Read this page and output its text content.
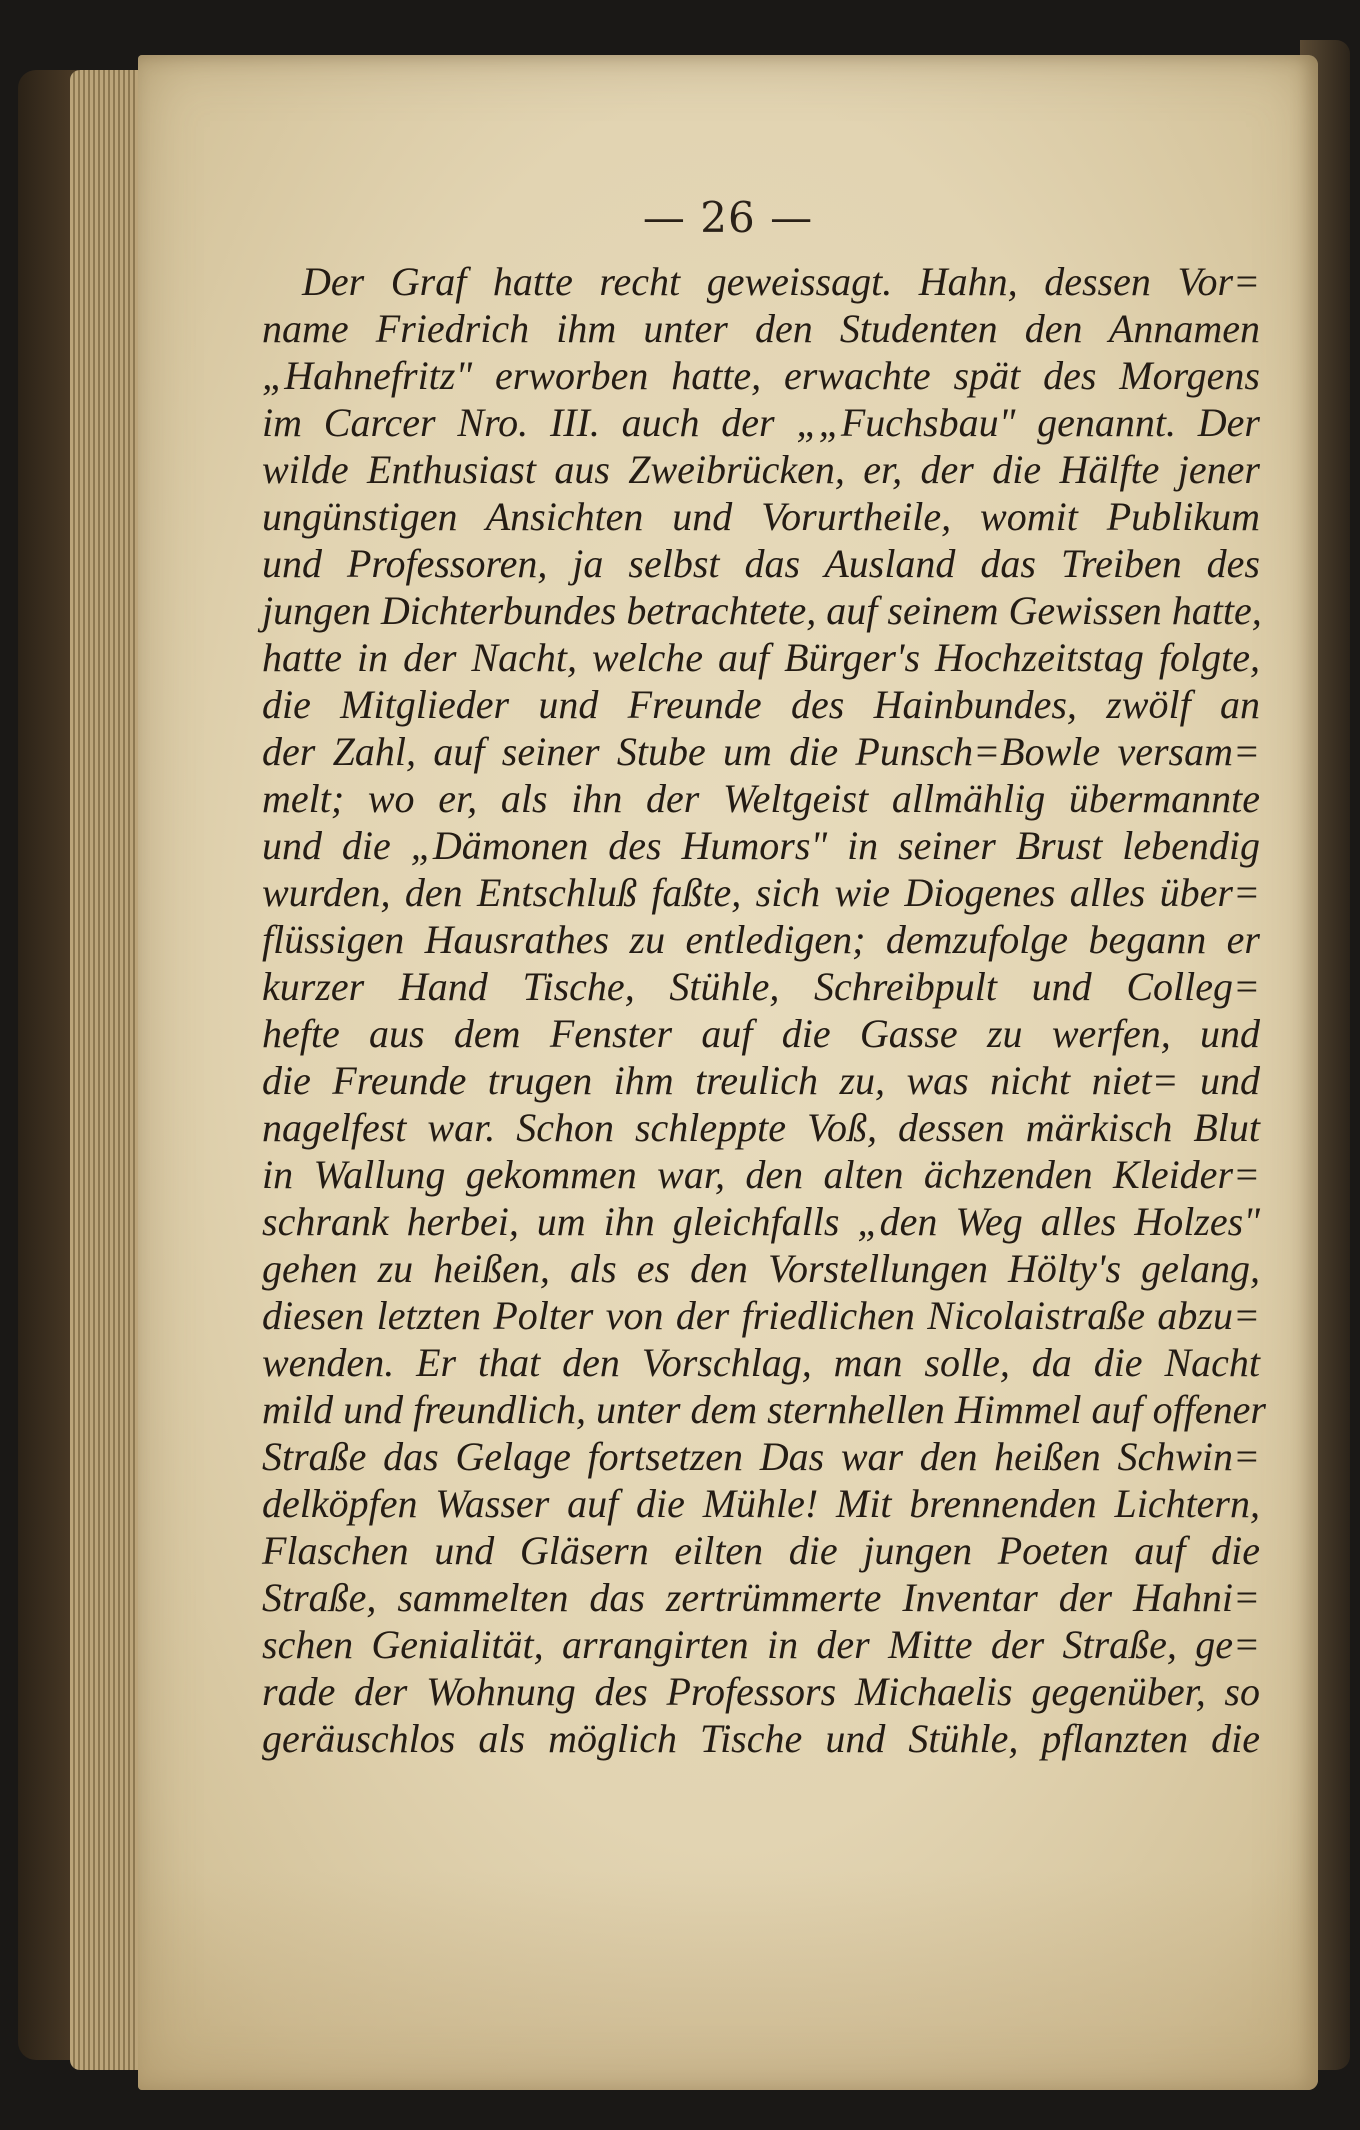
— 26 —
Der Graf hatte recht geweissagt. Hahn, dessen Vor=
name Friedrich ihm unter den Studenten den Annamen
„Hahnefritz" erworben hatte, erwachte spät des Morgens
im Carcer Nro. III. auch der „„Fuchsbau" genannt. Der
wilde Enthusiast aus Zweibrücken, er, der die Hälfte jener
ungünstigen Ansichten und Vorurtheile, womit Publikum
und Professoren, ja selbst das Ausland das Treiben des
jungen Dichterbundes betrachtete, auf seinem Gewissen hatte,
hatte in der Nacht, welche auf Bürger's Hochzeitstag folgte,
die Mitglieder und Freunde des Hainbundes, zwölf an
der Zahl, auf seiner Stube um die Punsch=Bowle versam=
melt; wo er, als ihn der Weltgeist allmählig übermannte
und die „Dämonen des Humors" in seiner Brust lebendig
wurden, den Entschluß faßte, sich wie Diogenes alles über=
flüssigen Hausrathes zu entledigen; demzufolge begann er
kurzer Hand Tische, Stühle, Schreibpult und Colleg=
hefte aus dem Fenster auf die Gasse zu werfen, und
die Freunde trugen ihm treulich zu, was nicht niet= und
nagelfest war. Schon schleppte Voß, dessen märkisch Blut
in Wallung gekommen war, den alten ächzenden Kleider=
schrank herbei, um ihn gleichfalls „den Weg alles Holzes"
gehen zu heißen, als es den Vorstellungen Hölty's gelang,
diesen letzten Polter von der friedlichen Nicolaistraße abzu=
wenden. Er that den Vorschlag, man solle, da die Nacht
mild und freundlich, unter dem sternhellen Himmel auf offener
Straße das Gelage fortsetzen Das war den heißen Schwin=
delköpfen Wasser auf die Mühle! Mit brennenden Lichtern,
Flaschen und Gläsern eilten die jungen Poeten auf die
Straße, sammelten das zertrümmerte Inventar der Hahni=
schen Genialität, arrangirten in der Mitte der Straße, ge=
rade der Wohnung des Professors Michaelis gegenüber, so
geräuschlos als möglich Tische und Stühle, pflanzten die
